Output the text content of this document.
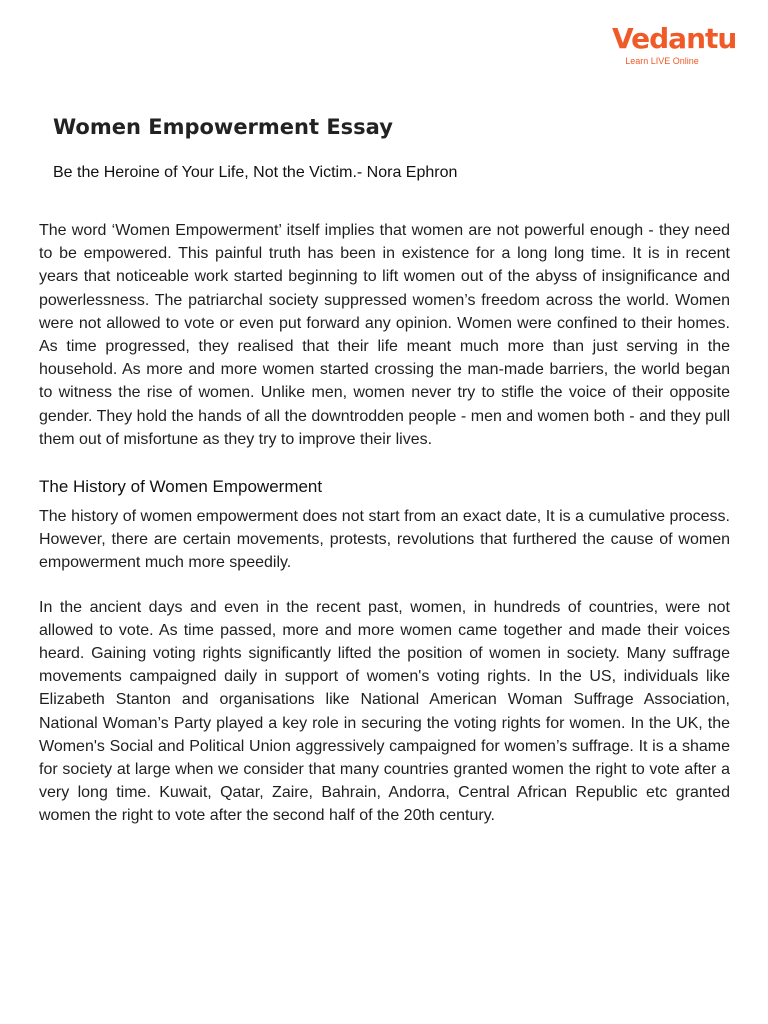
Vedantu
Learn LIVE Online
Women Empowerment Essay

Be the Heroine of Your Life, Not the Victim.- Nora Ephron

The word ‘Women Empowerment’ itself implies that women are not powerful enough - they need to be empowered. This painful truth has been in existence for a long long time. It is in recent years that noticeable work started beginning to lift women out of the abyss of insignificance and powerlessness. The patriarchal society suppressed women’s freedom across the world. Women were not allowed to vote or even put forward any opinion. Women were confined to their homes. As time progressed, they realised that their life meant much more than just serving in the household. As more and more women started crossing the man-made barriers, the world began to witness the rise of women. Unlike men, women never try to stifle the voice of their opposite gender. They hold the hands of all the downtrodden people - men and women both - and they pull them out of misfortune as they try to improve their lives.

The History of Women Empowerment

The history of women empowerment does not start from an exact date, It is a cumulative process. However, there are certain movements, protests, revolutions that furthered the cause of women empowerment much more speedily.

In the ancient days and even in the recent past, women, in hundreds of countries, were not allowed to vote. As time passed, more and more women came together and made their voices heard. Gaining voting rights significantly lifted the position of women in society. Many suffrage movements campaigned daily in support of women's voting rights. In the US, individuals like Elizabeth Stanton and organisations like National American Woman Suffrage Association, National Woman’s Party played a key role in securing the voting rights for women. In the UK, the Women's Social and Political Union aggressively campaigned for women’s suffrage. It is a shame for society at large when we consider that many countries granted women the right to vote after a very long time. Kuwait, Qatar, Zaire, Bahrain, Andorra, Central African Republic etc granted women the right to vote after the second half of the 20th century.
